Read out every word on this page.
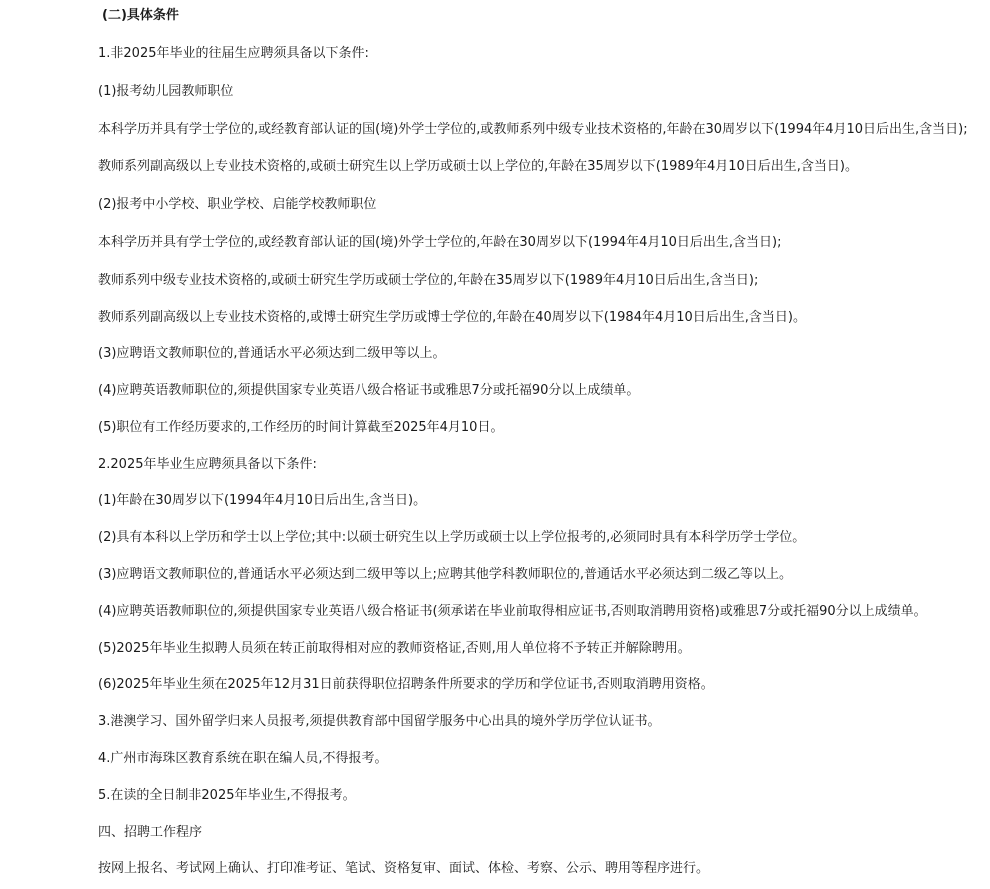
(二)具体条件
1.非2025年毕业的往届生应聘须具备以下条件:
(1)报考幼儿园教师职位
本科学历并具有学士学位的,或经教育部认证的国(境)外学士学位的,或教师系列中级专业技术资格的,年龄在30周岁以下(1994年4月10日后出生,含当日);
教师系列副高级以上专业技术资格的,或硕士研究生以上学历或硕士以上学位的,年龄在35周岁以下(1989年4月10日后出生,含当日)。
(2)报考中小学校、职业学校、启能学校教师职位
本科学历并具有学士学位的,或经教育部认证的国(境)外学士学位的,年龄在30周岁以下(1994年4月10日后出生,含当日);
教师系列中级专业技术资格的,或硕士研究生学历或硕士学位的,年龄在35周岁以下(1989年4月10日后出生,含当日);
教师系列副高级以上专业技术资格的,或博士研究生学历或博士学位的,年龄在40周岁以下(1984年4月10日后出生,含当日)。
(3)应聘语文教师职位的,普通话水平必须达到二级甲等以上。
(4)应聘英语教师职位的,须提供国家专业英语八级合格证书或雅思7分或托福90分以上成绩单。
(5)职位有工作经历要求的,工作经历的时间计算截至2025年4月10日。
2.2025年毕业生应聘须具备以下条件:
(1)年龄在30周岁以下(1994年4月10日后出生,含当日)。
(2)具有本科以上学历和学士以上学位;其中:以硕士研究生以上学历或硕士以上学位报考的,必须同时具有本科学历学士学位。
(3)应聘语文教师职位的,普通话水平必须达到二级甲等以上;应聘其他学科教师职位的,普通话水平必须达到二级乙等以上。
(4)应聘英语教师职位的,须提供国家专业英语八级合格证书(须承诺在毕业前取得相应证书,否则取消聘用资格)或雅思7分或托福90分以上成绩单。
(5)2025年毕业生拟聘人员须在转正前取得相对应的教师资格证,否则,用人单位将不予转正并解除聘用。
(6)2025年毕业生须在2025年12月31日前获得职位招聘条件所要求的学历和学位证书,否则取消聘用资格。
3.港澳学习、国外留学归来人员报考,须提供教育部中国留学服务中心出具的境外学历学位认证书。
4.广州市海珠区教育系统在职在编人员,不得报考。
5.在读的全日制非2025年毕业生,不得报考。
四、招聘工作程序
按网上报名、考试网上确认、打印准考证、笔试、资格复审、面试、体检、考察、公示、聘用等程序进行。
